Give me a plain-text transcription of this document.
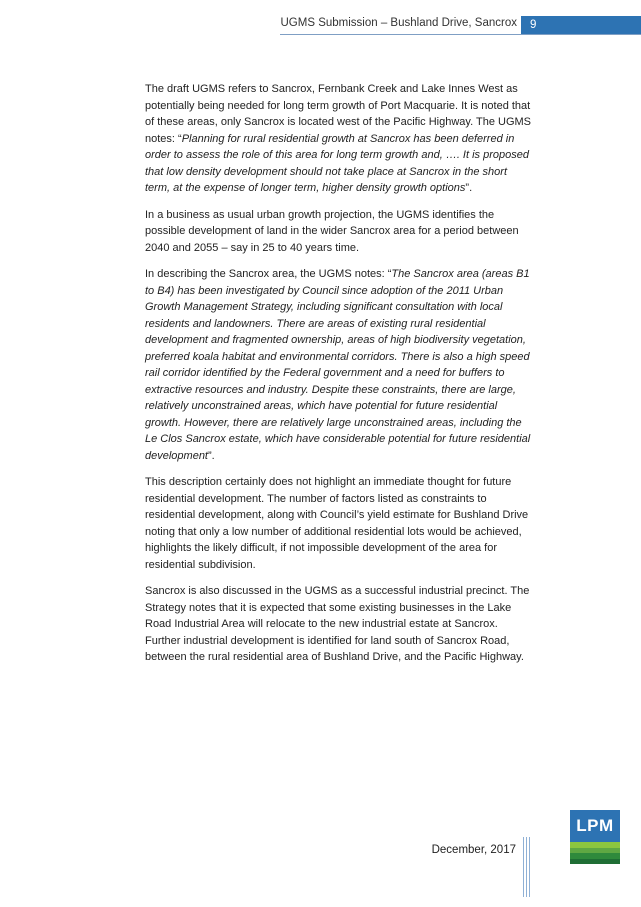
UGMS Submission – Bushland Drive, Sancrox	9

The draft UGMS refers to Sancrox, Fernbank Creek and Lake Innes West as potentially being needed for long term growth of Port Macquarie. It is noted that of these areas, only Sancrox is located west of the Pacific Highway. The UGMS notes: “Planning for rural residential growth at Sancrox has been deferred in order to assess the role of this area for long term growth and, …. It is proposed that low density development should not take place at Sancrox in the short term, at the expense of longer term, higher density growth options”.

In a business as usual urban growth projection, the UGMS identifies the possible development of land in the wider Sancrox area for a period between 2040 and 2055 – say in 25 to 40 years time.

In describing the Sancrox area, the UGMS notes: “The Sancrox area (areas B1 to B4) has been investigated by Council since adoption of the 2011 Urban Growth Management Strategy, including significant consultation with local residents and landowners. There are areas of existing rural residential development and fragmented ownership, areas of high biodiversity vegetation, preferred koala habitat and environmental corridors. There is also a high speed rail corridor identified by the Federal government and a need for buffers to extractive resources and industry. Despite these constraints, there are large, relatively unconstrained areas, which have potential for future residential growth. However, there are relatively large unconstrained areas, including the Le Clos Sancrox estate, which have considerable potential for future residential development”.

This description certainly does not highlight an immediate thought for future residential development. The number of factors listed as constraints to residential development, along with Council’s yield estimate for Bushland Drive noting that only a low number of additional residential lots would be achieved, highlights the likely difficult, if not impossible development of the area for residential subdivision.

Sancrox is also discussed in the UGMS as a successful industrial precinct. The Strategy notes that it is expected that some existing businesses in the Lake Road Industrial Area will relocate to the new industrial estate at Sancrox. Further industrial development is identified for land south of Sancrox Road, between the rural residential area of Bushland Drive, and the Pacific Highway.

December, 2017
LPM
